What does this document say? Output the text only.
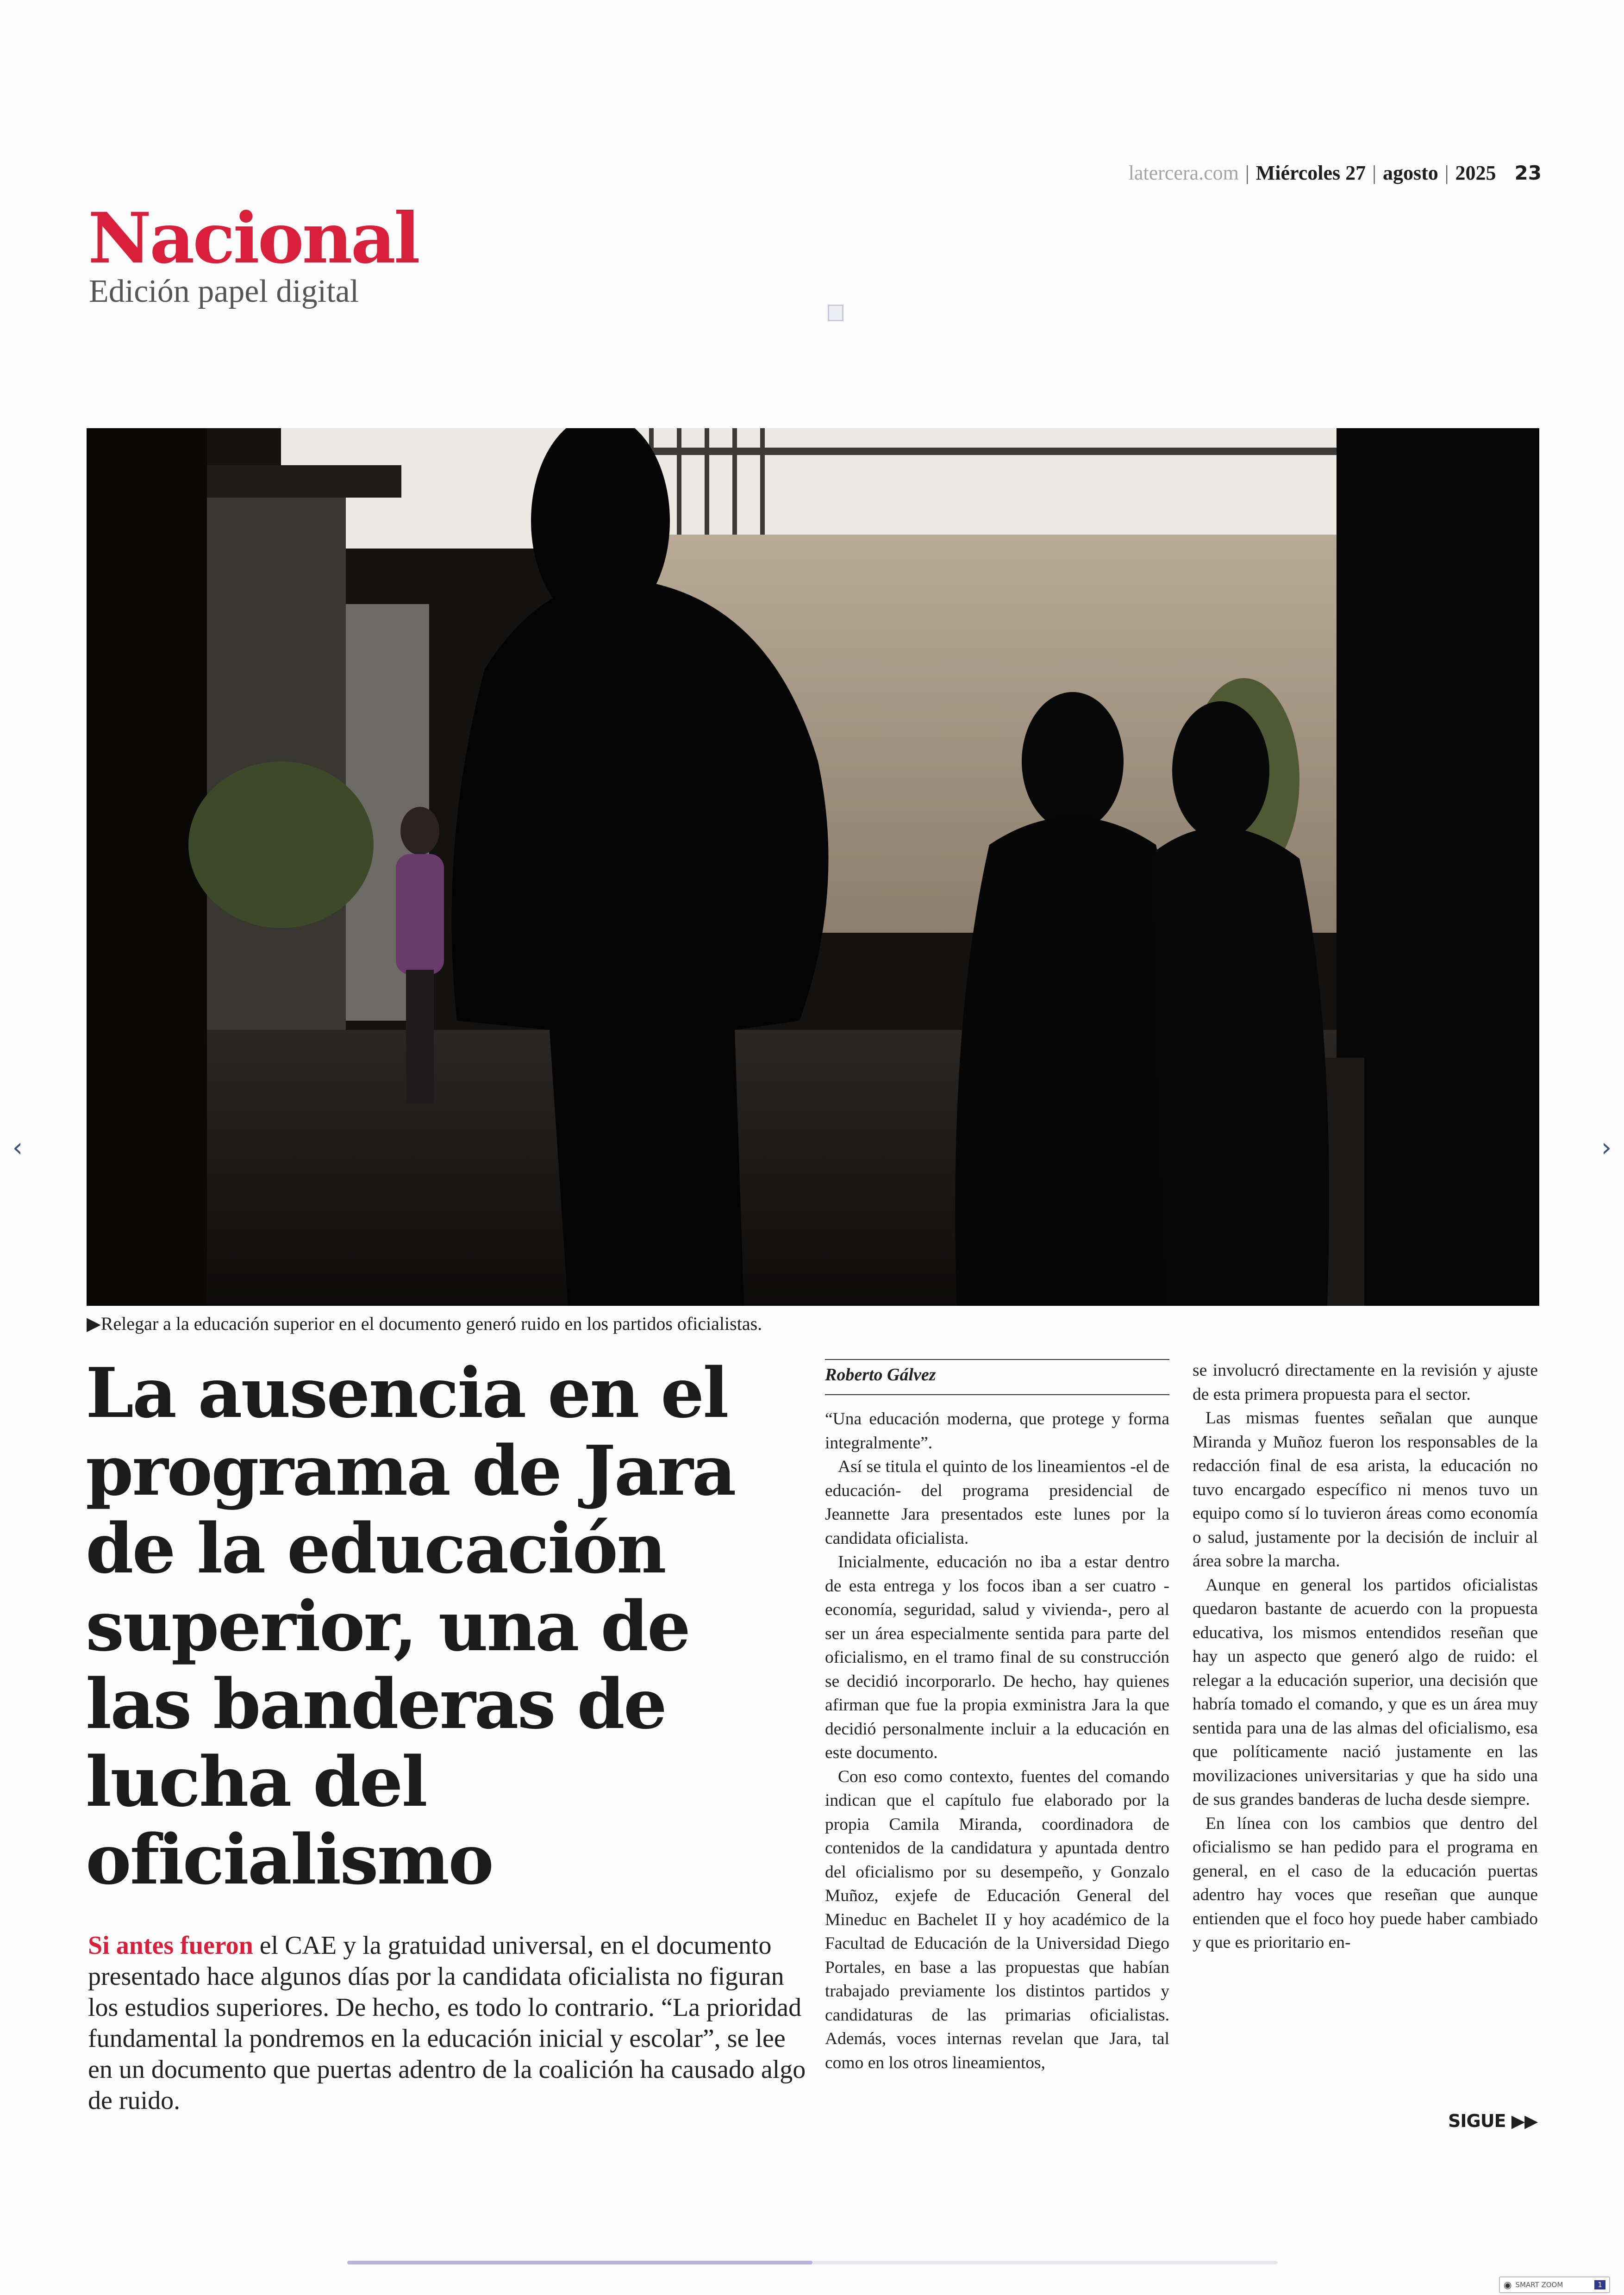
latercera.com | Miércoles 27 | agosto | 2025 23
Nacional
Edición papel digital
▶Relegar a la educación superior en el documento generó ruido en los partidos oficialistas.
La ausencia en el programa de Jara de la educación superior, una de las banderas de lucha del oficialismo

Si antes fueron el CAE y la gratuidad universal, en el documento presentado hace algunos días por la candidata oficialista no figuran los estudios superiores. De hecho, es todo lo contrario. “La prioridad fundamental la pondremos en la educación inicial y escolar”, se lee en un documento que puertas adentro de la coalición ha causado algo de ruido.

Roberto Gálvez

“Una educación moderna, que protege y forma integralmente”.

Así se titula el quinto de los lineamientos -el de educación- del programa presidencial de Jeannette Jara presentados este lunes por la candidata oficialista.

Inicialmente, educación no iba a estar dentro de esta entrega y los focos iban a ser cuatro -economía, seguridad, salud y vivienda-, pero al ser un área especialmente sentida para parte del oficialismo, en el tramo final de su construcción se decidió incorporarlo. De hecho, hay quienes afirman que fue la propia exministra Jara la que decidió personalmente incluir a la educación en este documento.

Con eso como contexto, fuentes del comando indican que el capítulo fue elaborado por la propia Camila Miranda, coordinadora de contenidos de la candidatura y apuntada dentro del oficialismo por su desempeño, y Gonzalo Muñoz, exjefe de Educación General del Mineduc en Bachelet II y hoy académico de la Facultad de Educación de la Universidad Diego Portales, en base a las propuestas que habían trabajado previamente los distintos partidos y candidaturas de las primarias oficialistas. Además, voces internas revelan que Jara, tal como en los otros lineamientos,

se involucró directamente en la revisión y ajuste de esta primera propuesta para el sector.

Las mismas fuentes señalan que aunque Miranda y Muñoz fueron los responsables de la redacción final de esa arista, la educación no tuvo encargado específico ni menos tuvo un equipo como sí lo tuvieron áreas como economía o salud, justamente por la decisión de incluir al área sobre la marcha.

Aunque en general los partidos oficialistas quedaron bastante de acuerdo con la propuesta educativa, los mismos entendidos reseñan que hay un aspecto que generó algo de ruido: el relegar a la educación superior, una decisión que habría tomado el comando, y que es un área muy sentida para una de las almas del oficialismo, esa que políticamente nació justamente en las movilizaciones universitarias y que ha sido una de sus grandes banderas de lucha desde siempre.

En línea con los cambios que dentro del oficialismo se han pedido para el programa en general, en el caso de la educación puertas adentro hay voces que reseñan que aunque entienden que el foco hoy puede haber cambiado y que es prioritario en-

SIGUE ▶▶
‹	›
◉ SMART ZOOM	1
